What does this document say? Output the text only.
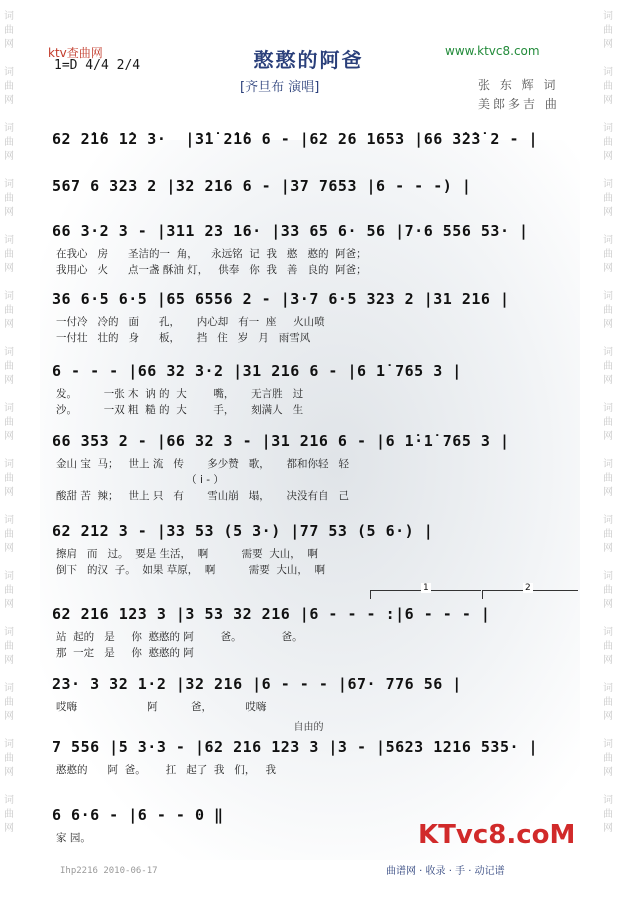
词
曲
网

词
曲
网

词
曲
网

词
曲
网

词
曲
网

词
曲
网

词
曲
网

词
曲
网

词
曲
网

词
曲
网

词
曲
网

词
曲
网

词
曲
网

词
曲
网

词
曲
网
词
曲
网

词
曲
网

词
曲
网

词
曲
网

词
曲
网

词
曲
网

词
曲
网

词
曲
网

词
曲
网

词
曲
网

词
曲
网

词
曲
网

词
曲
网

词
曲
网

词
曲
网
ktv查曲网
1=D 4/4 2/4	憨憨的阿爸	www.ktvc8.com
[齐旦布 演唱]	张 东 辉 词
美郎多吉 曲
62 2̇1̇6 1̇2 3·  |3̇1̇ 2̇1̇6 6 - |62 26 1653 |66 3̇2̇3̇ 2 - |
567 6 323 2 |32 216 6 - |37 7653 |6 - - -) |
66 3·2 3 - |311 23 16· |33 65 6· 56 |7·6 556 53· |
36 6·5 6·5 |65 6556 2 - |3·7 6·5 323 2 |31 216 |
6 - - - |66 32 3·2 |31 216 6 - |6 1̇ 765 3 |
66 353 2 - |66 32 3 - |31 216 6 - |6 1̇·1̇ 765 3 |
62 212 3 - |33 53 (5 3·) |77 53 (5 6·) |
62 216 123 3 |3 53 32 216 |6 - - - :|6 - - - |
23· 3 32 1·2 |32 216 |6 - - - |67· 776 56 |
7 556 |5 3·3 - |62 216 123 3 |3 - |5623 1216 535· |
6 6·6 - |6 - - 0 ‖
在我心   房      圣洁的一  角，    永远铭  记  我   憨   憨的  阿爸；
我用心   火      点一盏 酥油 灯，   供奉   你  我   善   良的  阿爸；
一付冷   冷的   面      孔，     内心却   有一  座     火山喷
一付壮   壮的   身      板，     挡   住   岁   月   雨雪风
发。        一张 木  讷 的  大        嘴，     无言胜   过
沙。        一双 粗  糙 的  大        手，     刻满人   生
金山 宝  马；   世上 流   传       多少赞   歌，     都和你轻   轻
（ i - ）
酸甜 苦  辣；   世上 只   有       雪山崩   塌，     决没有自   己
擦肩   而   过。  要是 生活，  啊          需要  大山，  啊
倒下   的汉  子。  如果 草原，  啊          需要  大山，  啊
站  起的   是     你  憨憨的 阿        爸。            爸。
那  一定   是     你  憨憨的 阿
哎嗨                     阿          爸，          哎嗨
憨憨的      阿  爸。      扛   起了  我   们，   我
家 园。
自由的
1	2
KTvc8.coM
Ihp2216 2010-06-17	曲谱网 · 收录 · 手 · 动记谱
